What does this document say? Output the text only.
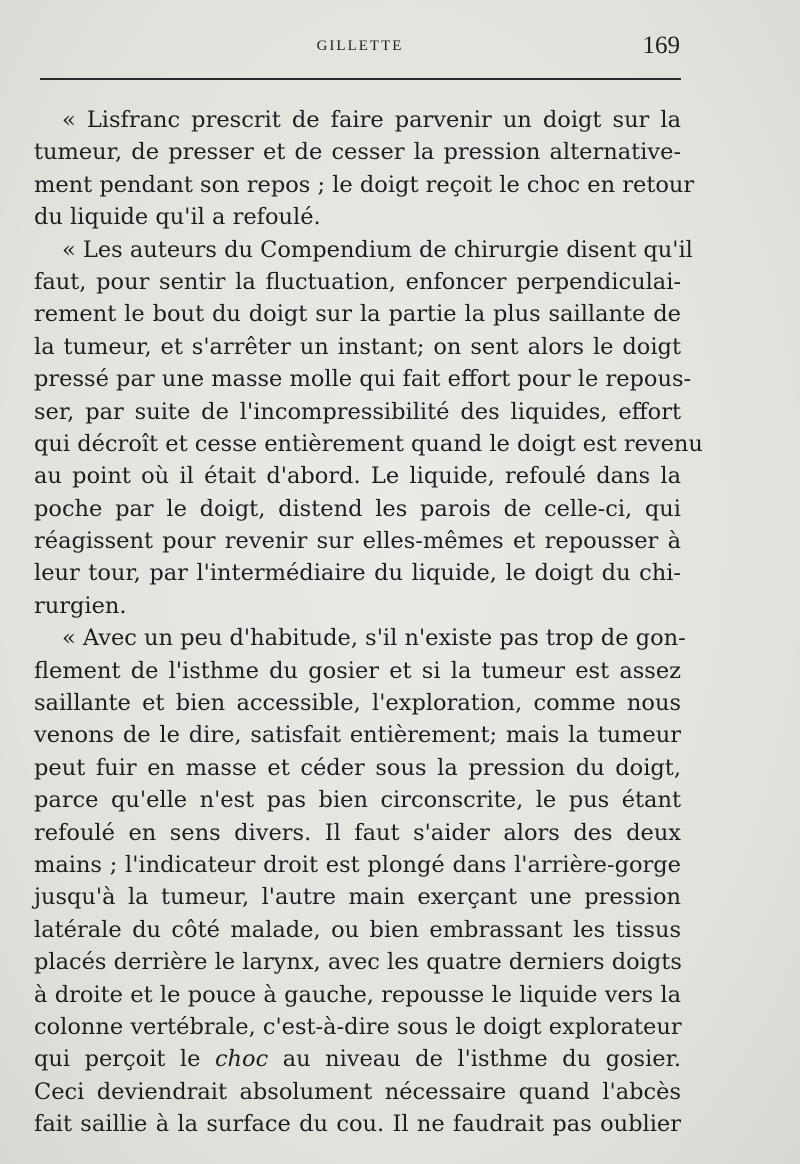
GILLETTE	169
« Lisfranc prescrit de faire parvenir un doigt sur la
tumeur, de presser et de cesser la pression alternative-
ment pendant son repos ; le doigt reçoit le choc en retour
du liquide qu'il a refoulé.
« Les auteurs du Compendium de chirurgie disent qu'il
faut, pour sentir la fluctuation, enfoncer perpendiculai-
rement le bout du doigt sur la partie la plus saillante de
la tumeur, et s'arrêter un instant; on sent alors le doigt
pressé par une masse molle qui fait effort pour le repous-
ser, par suite de l'incompressibilité des liquides, effort
qui décroît et cesse entièrement quand le doigt est revenu
au point où il était d'abord. Le liquide, refoulé dans la
poche par le doigt, distend les parois de celle-ci, qui
réagissent pour revenir sur elles-mêmes et repousser à
leur tour, par l'intermédiaire du liquide, le doigt du chi-
rurgien.
« Avec un peu d'habitude, s'il n'existe pas trop de gon-
flement de l'isthme du gosier et si la tumeur est assez
saillante et bien accessible, l'exploration, comme nous
venons de le dire, satisfait entièrement; mais la tumeur
peut fuir en masse et céder sous la pression du doigt,
parce qu'elle n'est pas bien circonscrite, le pus étant
refoulé en sens divers. Il faut s'aider alors des deux
mains ; l'indicateur droit est plongé dans l'arrière-gorge
jusqu'à la tumeur, l'autre main exerçant une pression
latérale du côté malade, ou bien embrassant les tissus
placés derrière le larynx, avec les quatre derniers doigts
à droite et le pouce à gauche, repousse le liquide vers la
colonne vertébrale, c'est-à-dire sous le doigt explorateur
qui perçoit le choc au niveau de l'isthme du gosier.
Ceci deviendrait absolument nécessaire quand l'abcès
fait saillie à la surface du cou. Il ne faudrait pas oublier
